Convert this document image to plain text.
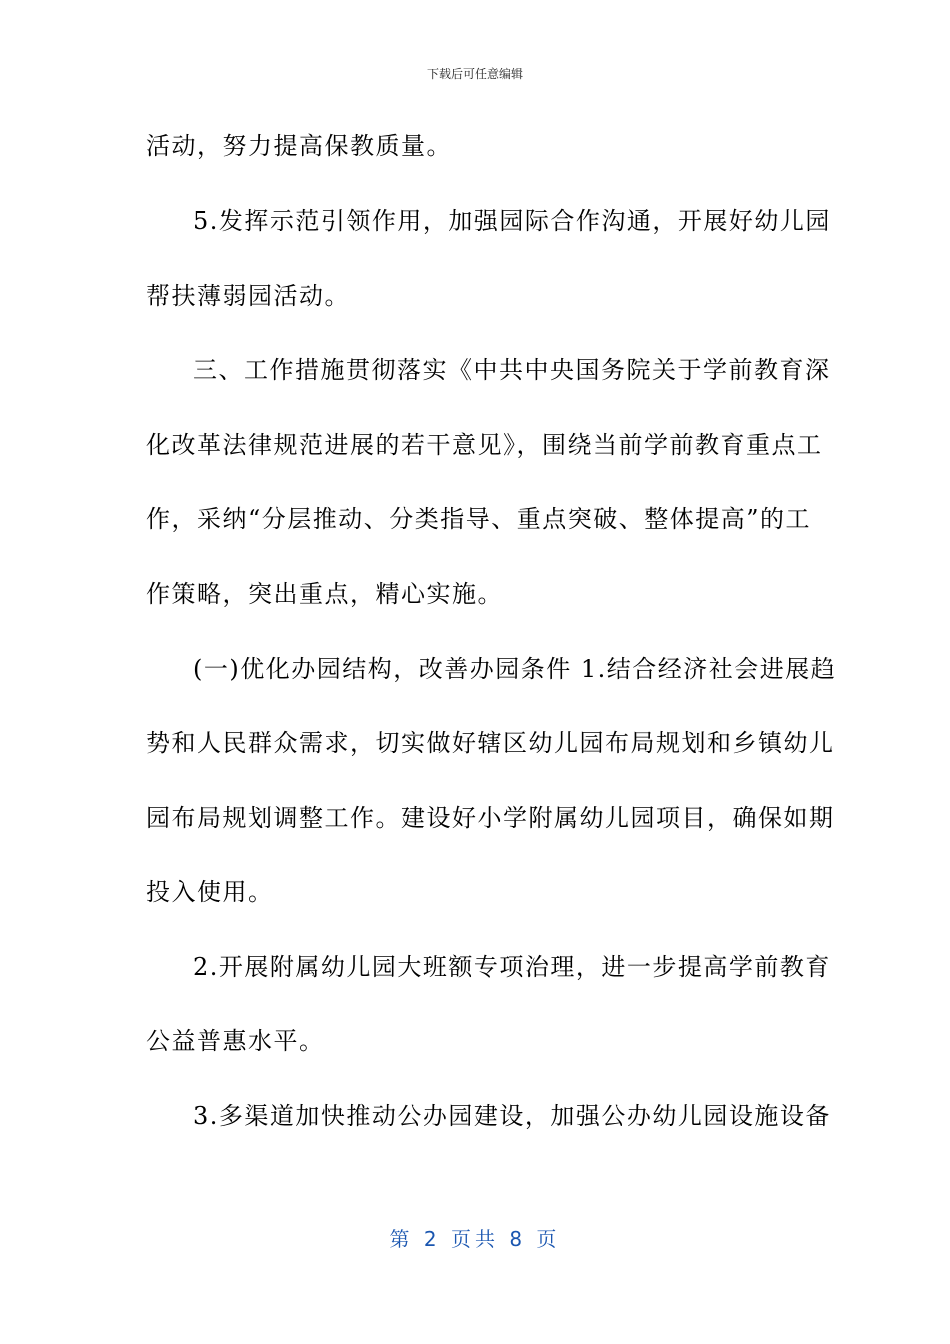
下载后可任意编辑
活动，努力提高保教质量。
5.发挥示范引领作用，加强园际合作沟通，开展好幼儿园
帮扶薄弱园活动。
三、工作措施贯彻落实《中共中央国务院关于学前教育深
化改革法律规范进展的若干意见》，围绕当前学前教育重点工
作，采纳“分层推动、分类指导、重点突破、整体提高”的工
作策略，突出重点，精心实施。
(一)优化办园结构，改善办园条件 1.结合经济社会进展趋
势和人民群众需求，切实做好辖区幼儿园布局规划和乡镇幼儿
园布局规划调整工作。建设好小学附属幼儿园项目，确保如期
投入使用。
2.开展附属幼儿园大班额专项治理，进一步提高学前教育
公益普惠水平。
3.多渠道加快推动公办园建设，加强公办幼儿园设施设备
第 2 页共 8 页
